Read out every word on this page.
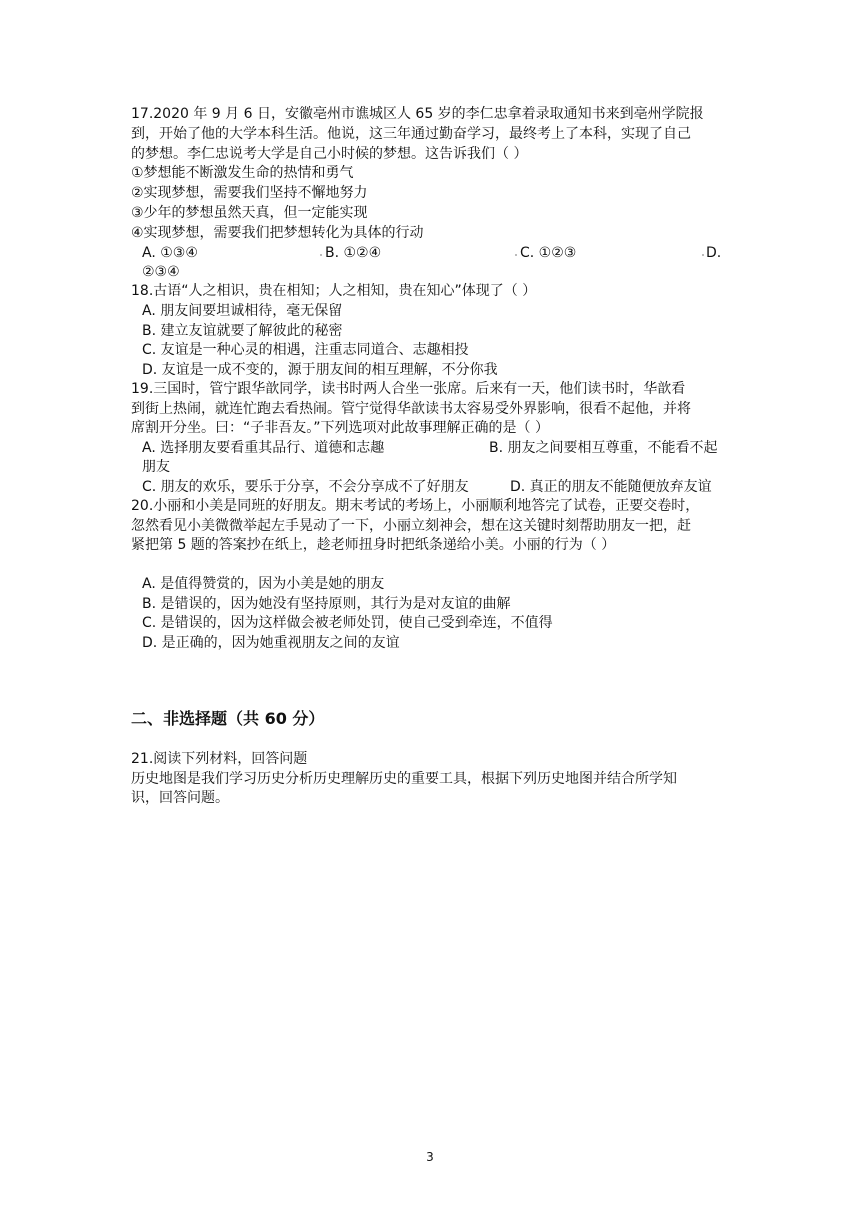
17.2020 年 9 月 6 日，安徽亳州市谯城区人 65 岁的李仁忠拿着录取通知书来到亳州学院报
到，开始了他的大学本科生活。他说，这三年通过勤奋学习，最终考上了本科，实现了自己
的梦想。李仁忠说考大学是自己小时候的梦想。这告诉我们（ ）
①梦想能不断激发生命的热情和勇气
②实现梦想，需要我们坚持不懈地努力
③少年的梦想虽然天真，但一定能实现
④实现梦想，需要我们把梦想转化为具体的行动
A. ①③④	B. ①②④	C. ①②③	D.
②③④
18.古语“人之相识，贵在相知；人之相知，贵在知心”体现了（ ）
A. 朋友间要坦诚相待，毫无保留
B. 建立友谊就要了解彼此的秘密
C. 友谊是一种心灵的相遇，注重志同道合、志趣相投
D. 友谊是一成不变的，源于朋友间的相互理解，不分你我
19.三国时，管宁跟华歆同学，读书时两人合坐一张席。后来有一天，他们读书时，华歆看
到街上热闹，就连忙跑去看热闹。管宁觉得华歆读书太容易受外界影响，很看不起他，并将
席割开分坐。曰：“子非吾友。”下列选项对此故事理解正确的是（ ）
A. 选择朋友要看重其品行、道德和志趣	B. 朋友之间要相互尊重，不能看不起
朋友
C. 朋友的欢乐，要乐于分享，不会分享成不了好朋友	D. 真正的朋友不能随便放弃友谊
20.小丽和小美是同班的好朋友。期末考试的考场上，小丽顺利地答完了试卷，正要交卷时，
忽然看见小美微微举起左手晃动了一下，小丽立刻神会，想在这关键时刻帮助朋友一把，赶
紧把第 5 题的答案抄在纸上，趁老师扭身时把纸条递给小美。小丽的行为（ ）
A. 是值得赞赏的，因为小美是她的朋友
B. 是错误的，因为她没有坚持原则，其行为是对友谊的曲解
C. 是错误的，因为这样做会被老师处罚，使自己受到牵连，不值得
D. 是正确的，因为她重视朋友之间的友谊
二、非选择题（共 60 分）
21.阅读下列材料，回答问题
历史地图是我们学习历史分析历史理解历史的重要工具，根据下列历史地图并结合所学知
识，回答问题。
3
